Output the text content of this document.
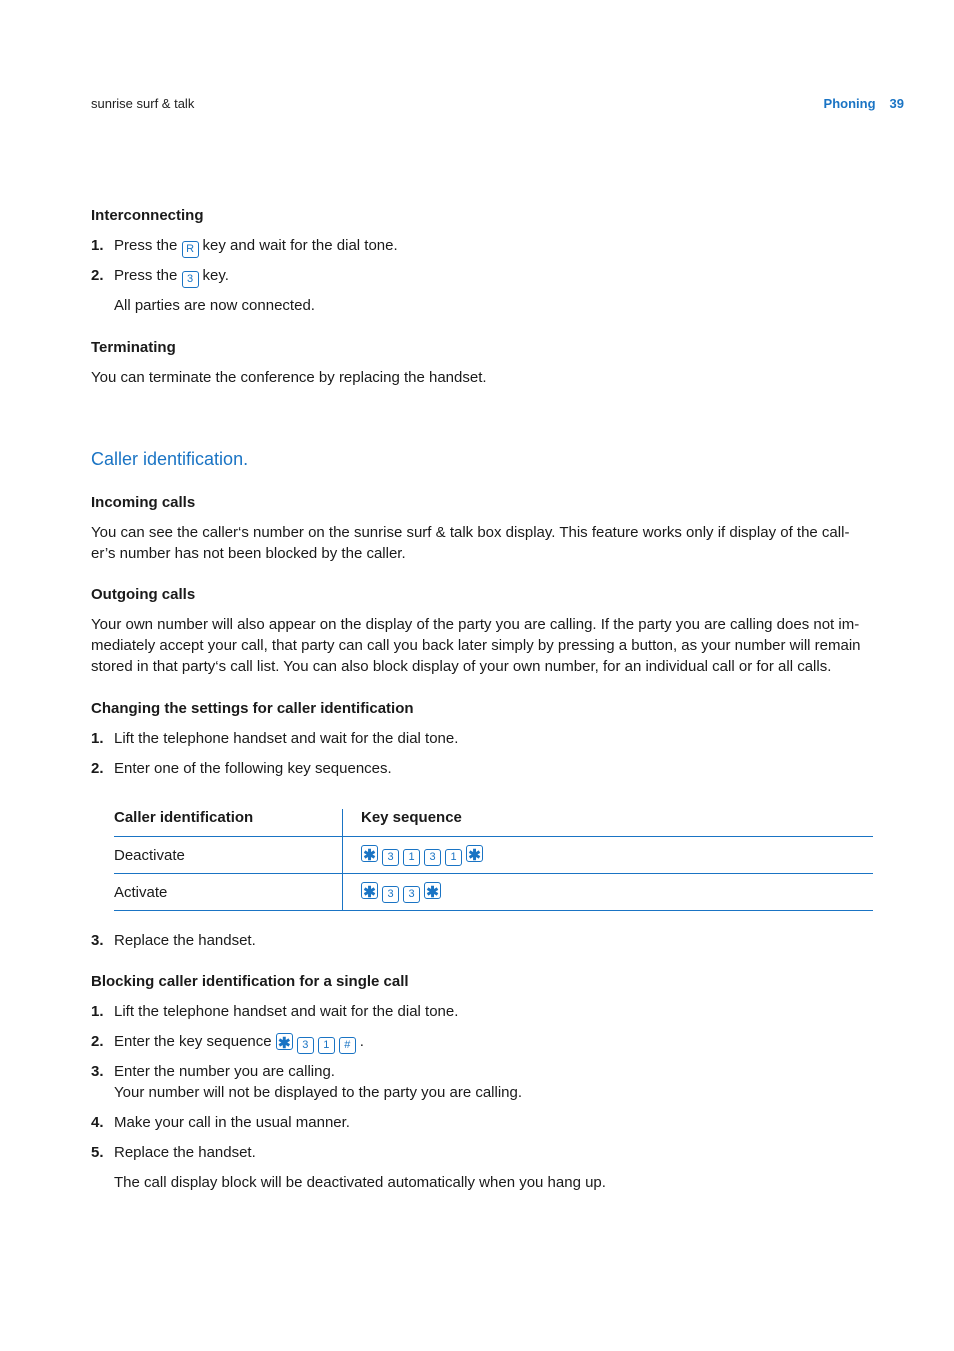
sunrise surf & talk	Phoning 39
Interconnecting
1. Press the R key and wait for the dial tone.
2. Press the 3 key.

All parties are now connected.

Terminating

You can terminate the conference by replacing the handset.

Caller identification.
Incoming calls

You can see the caller‘s number on the sunrise surf & talk box display. This feature works only if display of the call-er’s number has not been blocked by the caller.

Outgoing calls

Your own number will also appear on the display of the party you are calling. If the party you are calling does not im-mediately accept your call, that party can call you back later simply by pressing a button, as your number will remain stored in that party‘s call list. You can also block display of your own number, for an individual call or for all calls.

Changing the settings for caller identification
1. Lift the telephone handset and wait for the dial tone.
2. Enter one of the following key sequences.
Caller identification	Key sequence
Deactivate	✱ 3 1 3 1 ✱
Activate	✱ 3 3 ✱
3. Replace the handset.
Blocking caller identification for a single call
1. Lift the telephone handset and wait for the dial tone.
2. Enter the key sequence ✱ 3 1 # .
3. Enter the number you are calling.
Your number will not be displayed to the party you are calling.
4. Make your call in the usual manner.
5. Replace the handset.

The call display block will be deactivated automatically when you hang up.
